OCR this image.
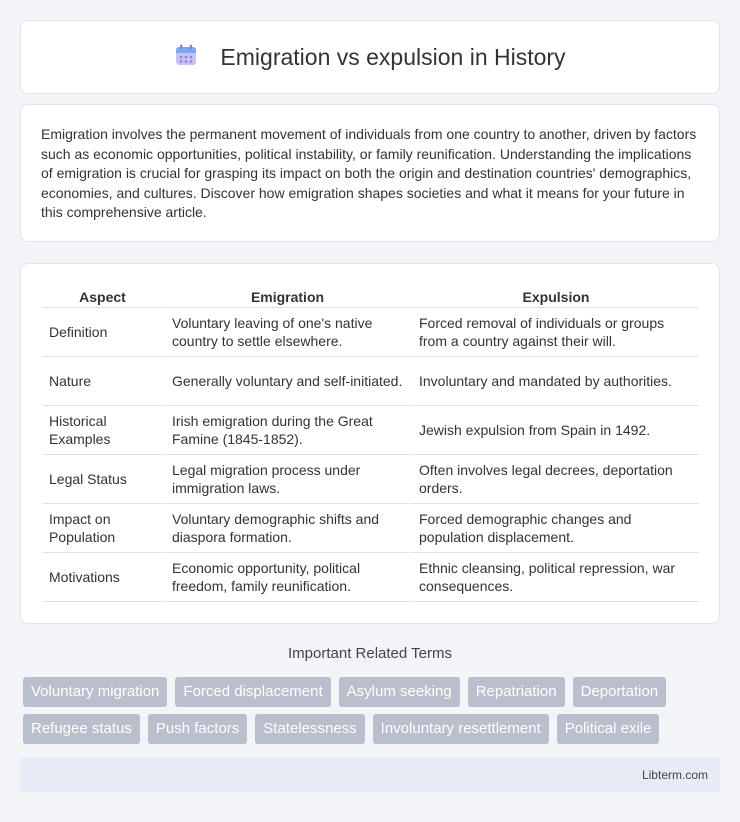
Emigration vs expulsion in History

Emigration involves the permanent movement of individuals from one country to another, driven by factors such as economic opportunities, political instability, or family reunification. Understanding the implications of emigration is crucial for grasping its impact on both the origin and destination countries' demographics, economies, and cultures. Discover how emigration shapes societies and what it means for your future in this comprehensive article.

Aspect	Emigration	Expulsion
Definition	Voluntary leaving of one's native country to settle elsewhere.	Forced removal of individuals or groups from a country against their will.
Nature	Generally voluntary and self-initiated.	Involuntary and mandated by authorities.
Historical Examples	Irish emigration during the Great Famine (1845-1852).	Jewish expulsion from Spain in 1492.
Legal Status	Legal migration process under immigration laws.	Often involves legal decrees, deportation orders.
Impact on Population	Voluntary demographic shifts and diaspora formation.	Forced demographic changes and population displacement.
Motivations	Economic opportunity, political freedom, family reunification.	Ethnic cleansing, political repression, war consequences.
Important Related Terms
Voluntary migration	Forced displacement	Asylum seeking	Repatriation	Deportation
Refugee status	Push factors	Statelessness	Involuntary resettlement	Political exile
Libterm.com
